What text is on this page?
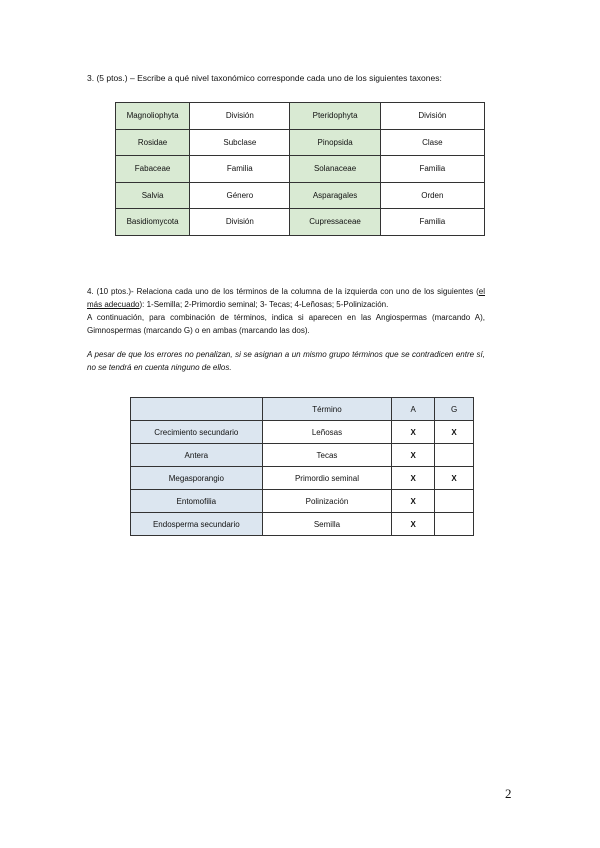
3. (5 ptos.) – Escribe a qué nivel taxonómico corresponde cada uno de los siguientes taxones:
Magnoliophyta	División	Pteridophyta	División
Rosidae	Subclase	Pinopsida	Clase
Fabaceae	Familia	Solanaceae	Familia
Salvia	Género	Asparagales	Orden
Basidiomycota	División	Cupressaceae	Familia

4. (10 ptos.)- Relaciona cada uno de los términos de la columna de la izquierda con uno de los siguientes (el más adecuado): 1-Semilla; 2-Primordio seminal; 3- Tecas; 4-Leñosas; 5-Polinización.
A continuación, para combinación de términos, indica si aparecen en las Angiospermas (marcando A), Gimnospermas (marcando G) o en ambas (marcando las dos).

A pesar de que los errores no penalizan, si se asignan a un mismo grupo términos que se contradicen entre sí, no se tendrá en cuenta ninguno de ellos.

	Término	A	G
Crecimiento secundario	Leñosas	X	X
Antera	Tecas	X	
Megasporangio	Primordio seminal	X	X
Entomofilia	Polinización	X	
Endosperma secundario	Semilla	X	
2
